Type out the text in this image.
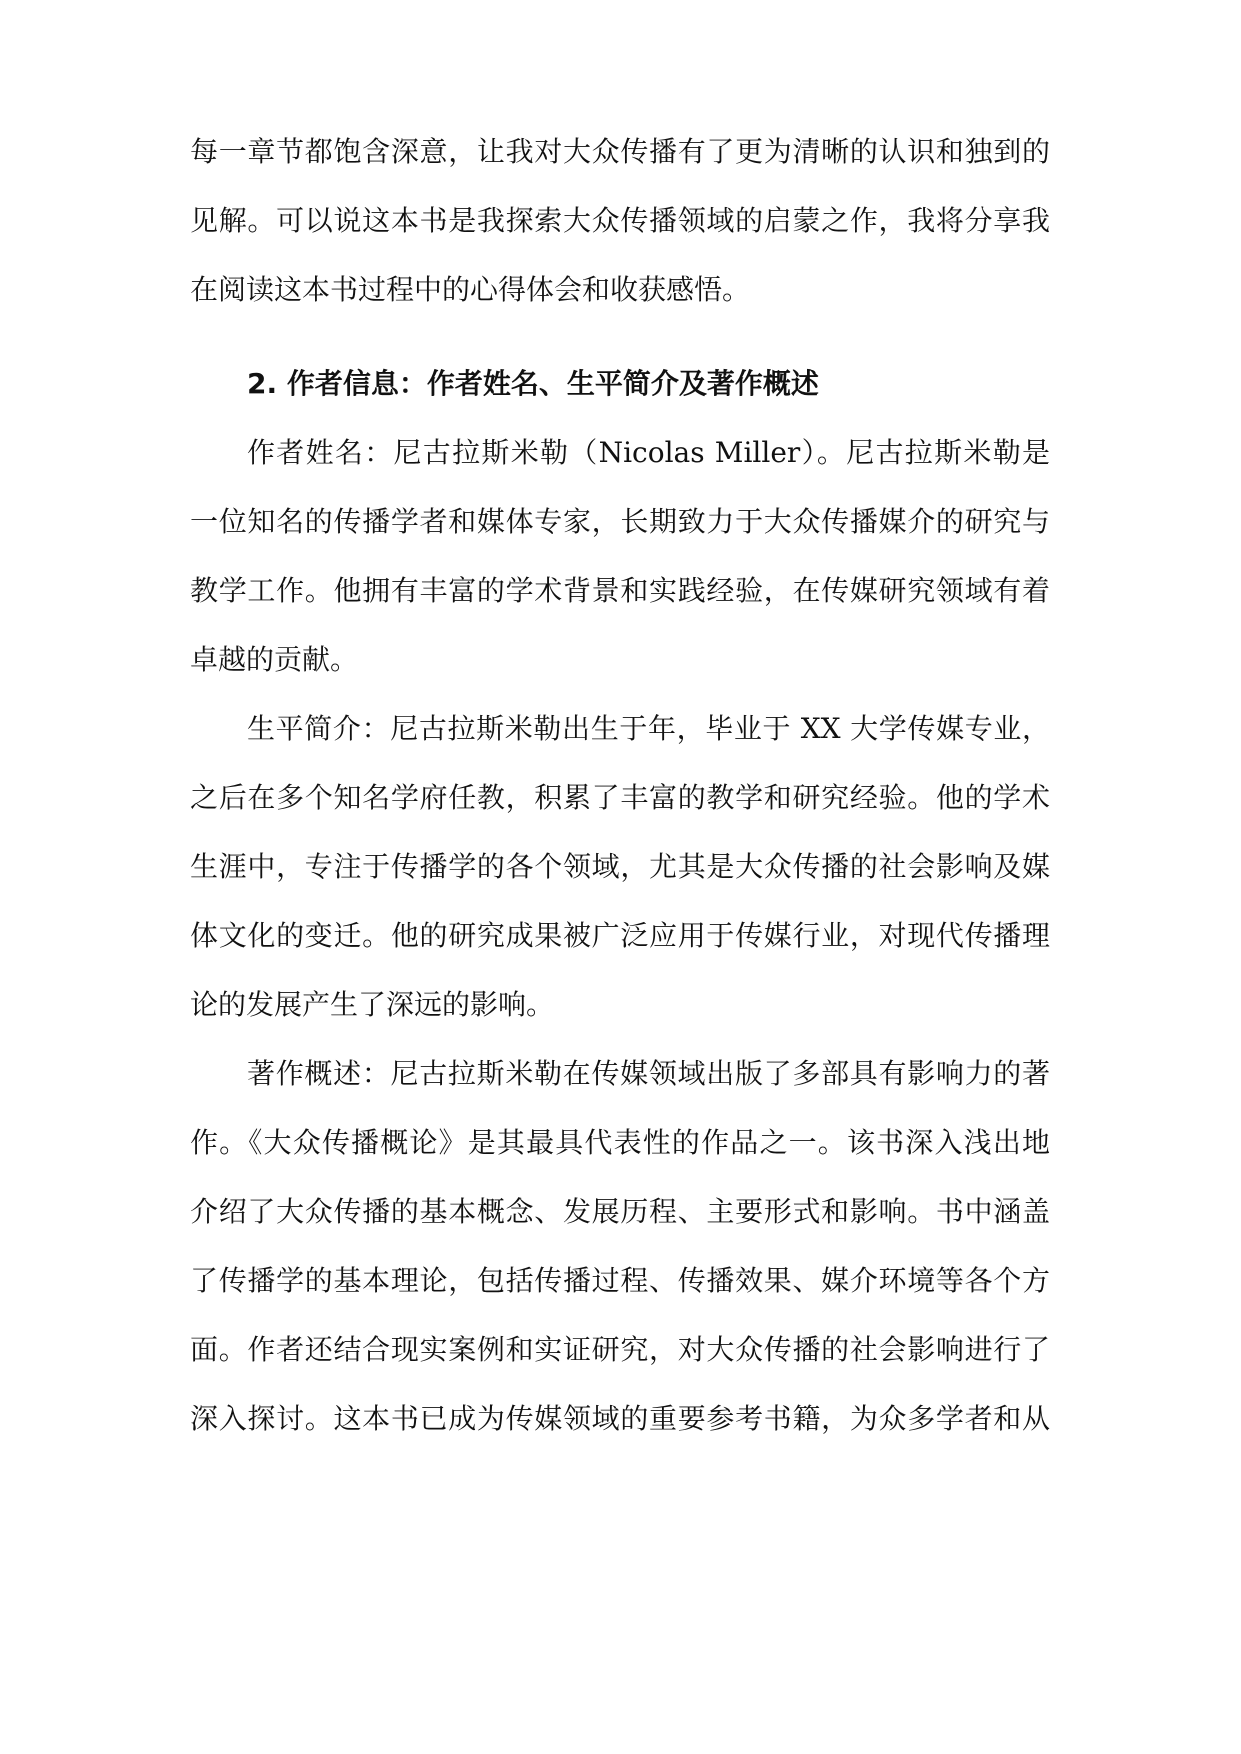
每一章节都饱含深意，让我对大众传播有了更为清晰的认识和独到的
见解。可以说这本书是我探索大众传播领域的启蒙之作，我将分享我
在阅读这本书过程中的心得体会和收获感悟。
2. 作者信息：作者姓名、生平简介及著作概述
作者姓名：尼古拉斯米勒（Nicolas Miller）。尼古拉斯米勒是
一位知名的传播学者和媒体专家，长期致力于大众传播媒介的研究与
教学工作。他拥有丰富的学术背景和实践经验，在传媒研究领域有着
卓越的贡献。
生平简介：尼古拉斯米勒出生于年，毕业于 XX 大学传媒专业，
之后在多个知名学府任教，积累了丰富的教学和研究经验。他的学术
生涯中，专注于传播学的各个领域，尤其是大众传播的社会影响及媒
体文化的变迁。他的研究成果被广泛应用于传媒行业，对现代传播理
论的发展产生了深远的影响。
著作概述：尼古拉斯米勒在传媒领域出版了多部具有影响力的著
作。《大众传播概论》是其最具代表性的作品之一。该书深入浅出地
介绍了大众传播的基本概念、发展历程、主要形式和影响。书中涵盖
了传播学的基本理论，包括传播过程、传播效果、媒介环境等各个方
面。作者还结合现实案例和实证研究，对大众传播的社会影响进行了
深入探讨。这本书已成为传媒领域的重要参考书籍，为众多学者和从
